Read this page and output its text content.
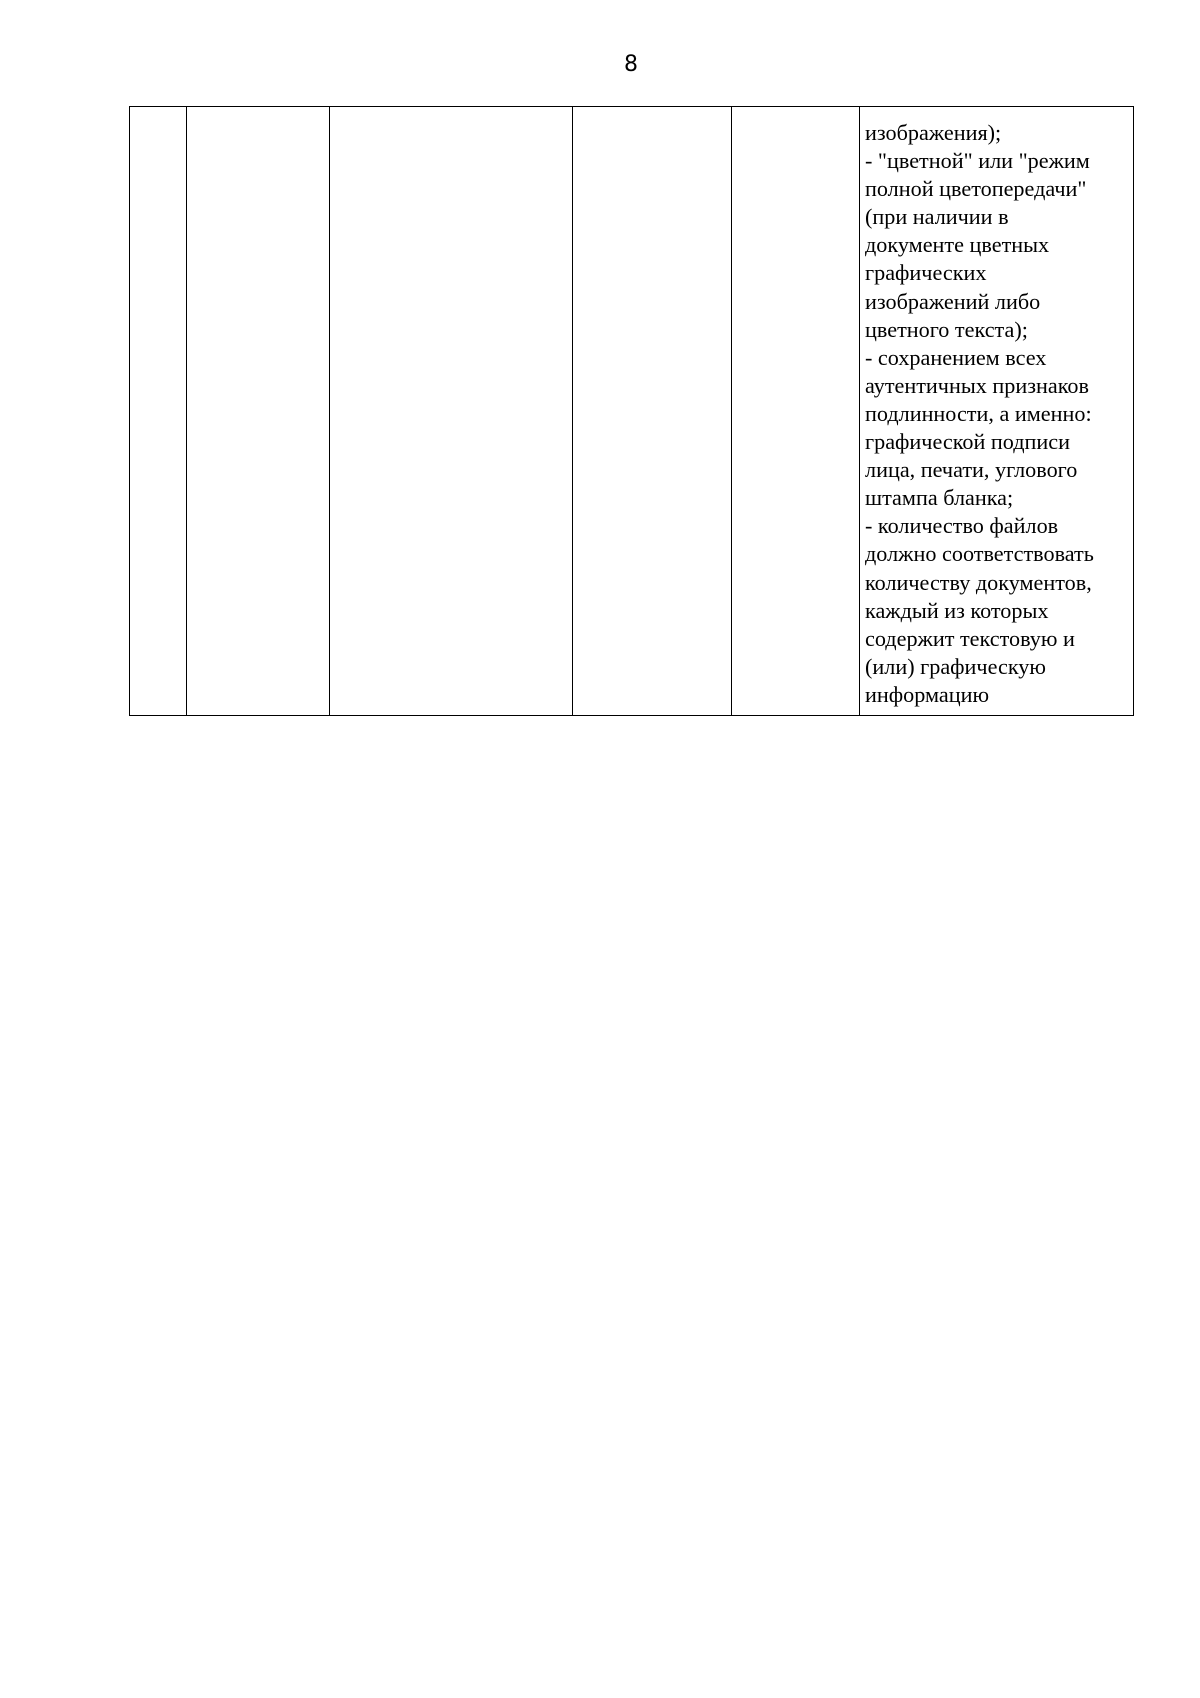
8

изображения);
- "цветной" или "режим
полной цветопередачи"
(при наличии в
документе цветных
графических
изображений либо
цветного текста);
- сохранением всех
аутентичных признаков
подлинности, а именно:
графической подписи
лица, печати, углового
штампа бланка;
- количество файлов
должно соответствовать
количеству документов,
каждый из которых
содержит текстовую и
(или) графическую
информацию
